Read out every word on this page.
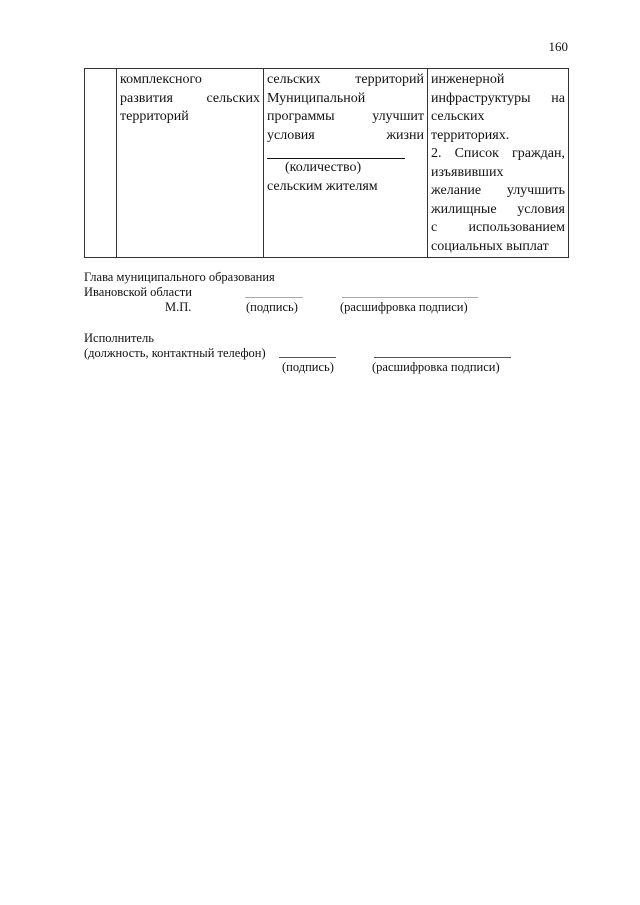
160

комплексного
развития сельских
территорий

сельских территорий
Муниципальной
программы	улучшит
условия	жизни
(количество)
сельским жителям

инженерной
инфраструктуры на
сельских
территориях.
2. Список граждан,
изъявивших
желание улучшить
жилищные условия
с использованием
социальных выплат
Глава муниципального образования
Ивановской области
М.П.	(подпись)	(расшифровка подписи)
Исполнитель
(должность, контактный телефон)
(подпись)	(расшифровка подписи)
